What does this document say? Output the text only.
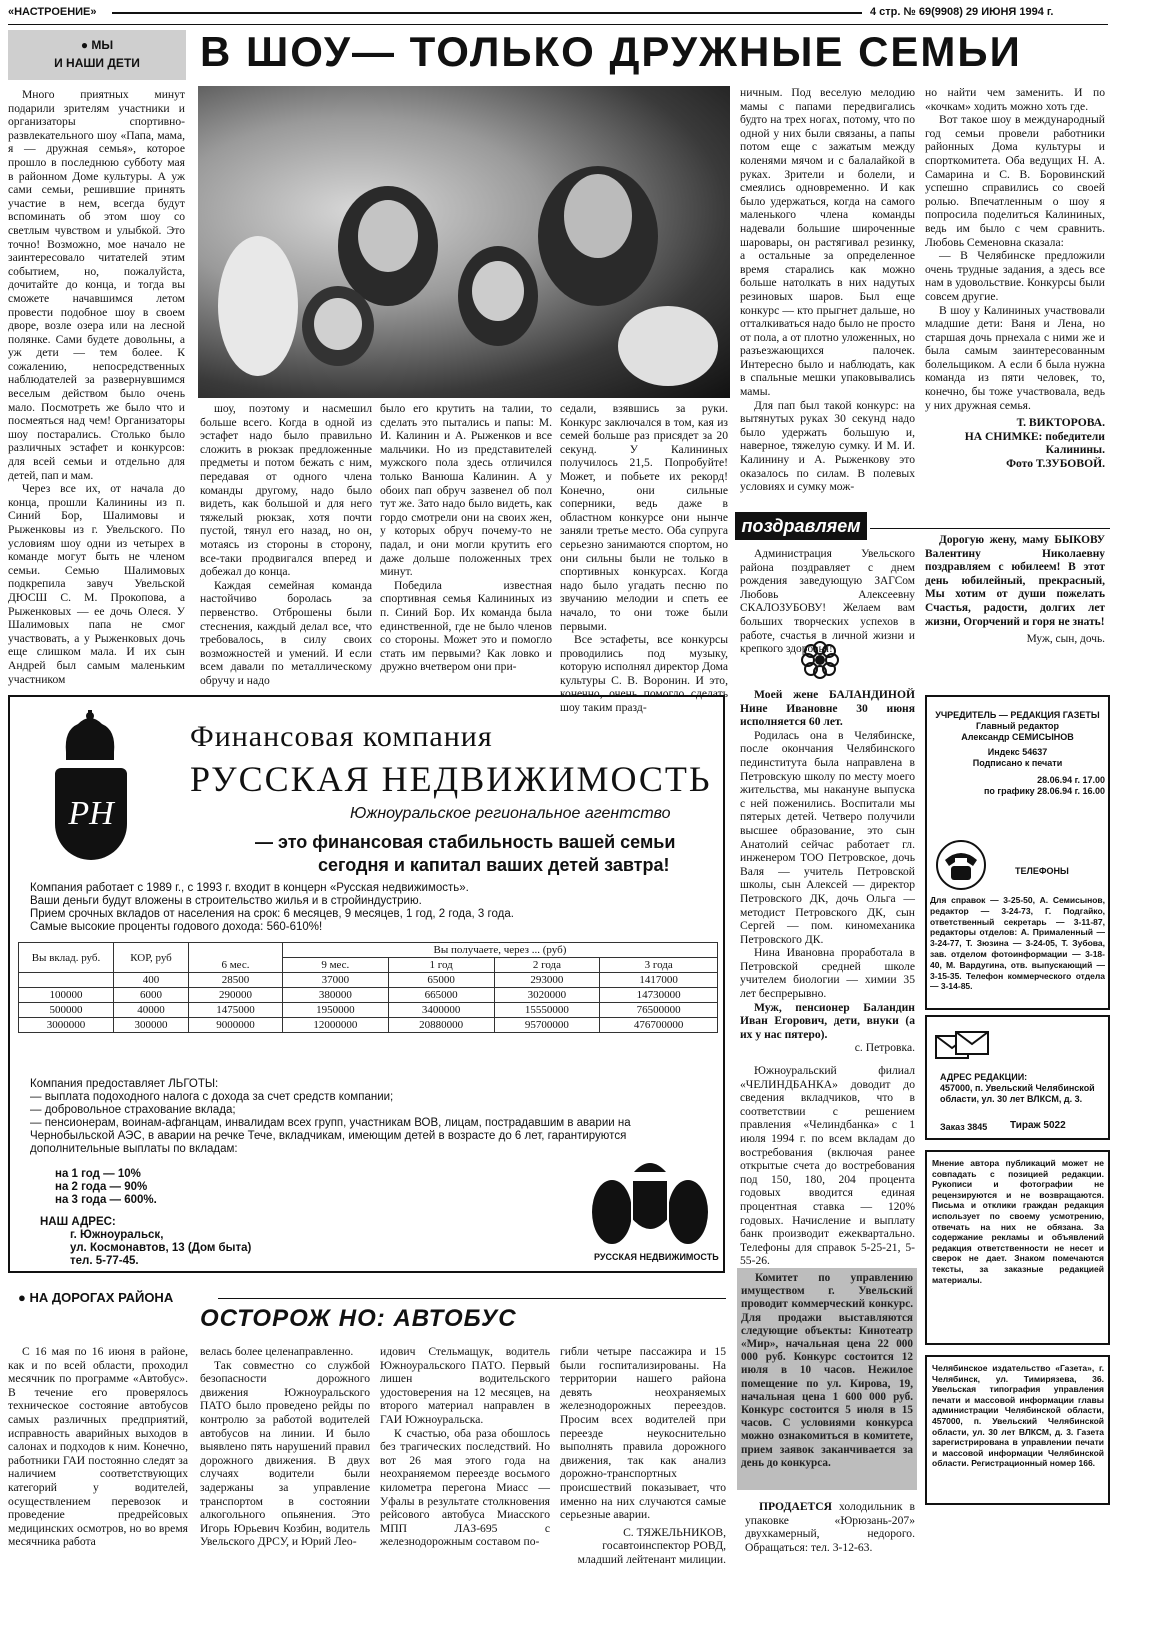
«НАСТРОЕНИЕ»	4 стр. № 69(9908) 29 ИЮНЯ 1994 г.
● МЫ
И НАШИ ДЕТИ	В ШОУ— ТОЛЬКО ДРУЖНЫЕ СЕМЬИ

Много приятных минут подарили зрителям участники и организаторы спортивно-развлекательного шоу «Папа, мама, я — дружная семья», которое прошло в последнюю субботу мая в районном Доме культуры. А уж сами семьи, решившие принять участие в нем, всегда будут вспоминать об этом шоу со светлым чувством и улыбкой. Это точно! Возможно, мое начало не заинтересовало читателей этим событием, но, пожалуйста, дочитайте до конца, и тогда вы сможете начавшимся летом провести подобное шоу в своем дворе, возле озера или на лесной полянке. Сами будете довольны, а уж дети — тем более. К сожалению, непосредственных наблюдателей за развернувшимся веселым действом было очень мало. Посмотреть же было что и посмеяться над чем! Организаторы шоу постарались. Столько было различных эстафет и конкурсов: для всей семьи и отдельно для детей, пап и мам.

Через все их, от начала до конца, прошли Калинины из п. Синий Бор, Шалимовы и Рыженковы из г. Увельского. По условиям шоу одни из четырех в команде могут быть не членом семьи. Семью Шалимовых подкрепила завуч Увельской ДЮСШ С. М. Прокопова, а Рыженковых — ее дочь Олеся. У Шалимовых папа не смог участвовать, а у Рыженковых дочь еще слишком мала. И их сын Андрей был самым маленьким участником

шоу, поэтому и насмешил больше всего. Когда в одной из эстафет надо было правильно сложить в рюкзак предложенные предметы и потом бежать с ним, передавая от одного члена команды другому, надо было видеть, как большой и для него тяжелый рюкзак, хотя почти пустой, тянул его назад, но он, мотаясь из стороны в сторону, все-таки продвигался вперед и добежал до конца.

Каждая семейная команда настойчиво боролась за первенство. Отброшены были стеснения, каждый делал все, что требовалось, в силу своих возможностей и умений. И если всем давали по металлическому обручу и надо

было его крутить на талии, то сделать это пытались и папы: М. И. Калинин и А. Рыженков и все мальчики. Но из представителей мужского пола здесь отличился только Ванюша Калинин. А у обоих пап обруч зазвенел об пол тут же. Зато надо было видеть, как гордо смотрели они на своих жен, у которых обруч почему-то не падал, и они могли крутить его даже дольше положенных трех минут.

Победила известная спортивная семья Калининых из п. Синий Бор. Их команда была единственной, где не было членов со стороны. Может это и помогло стать им первыми? Как ловко и дружно вчетвером они при-

седали, взявшись за руки. Конкурс заключался в том, кая из семей больше раз присядет за 20 секунд. У Калининых получилось 21,5. Попробуйте! Может, и побьете их рекорд! Конечно, они сильные соперники, ведь даже в областном конкурсе они нынче заняли третье место. Оба супруга серьезно занимаются спортом, но они сильны были не только в спортивных конкурсах. Когда надо было угадать песню по звучанию мелодии и спеть ее начало, то они тоже были первыми.

Все эстафеты, все конкурсы проводились под музыку, которую исполнял директор Дома культуры С. В. Воронин. И это, конечно, очень помогло сделать шоу таким празд-

ничным. Под веселую мелодию мамы с папами передвигались будто на трех ногах, потому, что по одной у них были связаны, а папы потом еще с зажатым между коленями мячом и с балалайкой в руках. Зрители и болели, и смеялись одновременно. И как было удержаться, когда на самого маленького члена команды надевали большие широченные шаровары, он растягивал резинку, а остальные за определенное время старались как можно больше натолкать в них надутых резиновых шаров. Был еще конкурс — кто прыгнет дальше, но отталкиваться надо было не просто от пола, а от плотно уложенных, но разъезжающихся палочек. Интересно было и наблюдать, как в спальные мешки упаковывались мамы.

Для пап был такой конкурс: на вытянутых руках 30 секунд надо было удержать большую и, наверное, тяжелую сумку. И М. И. Калинину и А. Рыженкову это оказалось по силам. В полевых условиях и сумку мож-

но найти чем заменить. И по «кочкам» ходить можно хоть где.

Вот такое шоу в международный год семьи провели работники районных Дома культуры и спорткомитета. Оба ведущих Н. А. Самарина и С. В. Боровинский успешно справились со своей ролью. Впечатленным о шоу я попросила поделиться Калининых, ведь им было с чем сравнить. Любовь Семеновна сказала:

— В Челябинске предложили очень трудные задания, а здесь все нам в удовольствие. Конкурсы были совсем другие.

В шоу у Калининых участвовали младшие дети: Ваня и Лена, но старшая дочь прнехала с ними же и была самым заинтересованным болельщиком. А если б была нужна команда из пяти человек, то, конечно, бы тоже участвовала, ведь у них дружная семья.

Т. ВИКТОРОВА.
НА СНИМКЕ: победители Калинины.
Фото Т.ЗУБОВОЙ.
поздравляем

Администрация Увельского района поздравляет с днем рождения заведующую ЗАГСом Любовь Алексеевну СКАЛОЗУБОВУ! Желаем вам больших творческих успехов в работе, счастья в личной жизни и крепкого здоровья!

Дорогую жену, маму БЫКОВУ Валентину Николаевну поздравляем с юбилеем! В этот день юбилейный, прекрасный, Мы хотим от души пожелать Счастья, радости, долгих лет жизни, Огорчений и горя не знать!

Муж, сын, дочь.

Моей жене БАЛАНДИНОЙ Нине Ивановне 30 июня исполняется 60 лет.

Родилась она в Челябинске, после окончания Челябинского пединститута была направлена в Петровскую школу по месту моего жительства, мы накануне выпуска с ней поженились. Воспитали мы пятерых детей. Четверо получили высшее образование, это сын Анатолий сейчас работает гл. инженером ТОО Петровское, дочь Валя — учитель Петровской школы, сын Алексей — директор Петровского ДК, дочь Ольга — методист Петровского ДК, сын Сергей — пом. киномеханика Петровского ДК.

Нина Ивановна проработала в Петровской средней школе учителем биологии — химии 35 лет беспрерывно.

Муж, пенсионер Баландин Иван Егорович, дети, внуки (а их у нас пятеро).

с. Петровка.
РН
Финансовая компания
РУССКАЯ НЕДВИЖИМОСТЬ
Южноуральское региональное агентство
— это финансовая стабильность вашей семьи
сегодня и капитал ваших детей завтра!
Компания работает с 1989 г., с 1993 г. входит в концерн «Русская недвижимость».
Ваши деньги будут вложены в строительство жилья и в стройиндустрию.
Прием срочных вкладов от населения на срок: 6 месяцев, 9 месяцев, 1 год, 2 года, 3 года.
Самые высокие проценты годового дохода: 560-610%!
Вы вклад. руб.	КОР, руб	6 мес.	Вы получаете, через ... (руб)			
			9 мес.	1 год	2 года	3 года
	400	28500	37000	65000	293000	1417000
100000	6000	290000	380000	665000	3020000	14730000
500000	40000	1475000	1950000	3400000	15550000	76500000
3000000	300000	9000000	12000000	20880000	95700000	476700000
Компания предоставляет ЛЬГОТЫ:
— выплата подоходного налога с дохода за счет средств компании;
— добровольное страхование вклада;
— пенсионерам, воинам-афганцам, инвалидам всех групп, участникам ВОВ, лицам, пострадавшим в аварии на Чернобыльской АЭС, в аварии на речке Тече, вкладчикам, имеющим детей в возрасте до 6 лет, гарантируются дополнительные выплаты по вкладам:
на 1 год — 10%
на 2 года — 90%
на 3 года — 600%.
НАШ АДРЕС:
г. Южноуральск,
ул. Космонавтов, 13 (Дом быта)
тел. 5-77-45.	РУССКАЯ НЕДВИЖИМОСТЬ

Южноуральский филиал «ЧЕЛИНДБАНКА» доводит до сведения вкладчиков, что в соответствии с решением правления «Челиндбанка» с 1 июля 1994 г. по всем вкладам до востребования (включая ранее открытые счета до востребования под 150, 180, 204 процента годовых вводится единая процентная ставка — 120% годовых. Начисление и выплату банк производит ежеквартально. Телефоны для справок 5-25-21, 5-55-26.

Комитет по управлению имуществом г. Увельский проводит коммерческий конкурс. Для продажи выставляются следующие объекты: Кинотеатр «Мир», начальная цена 22 000 000 руб. Конкурс состоится 12 июля в 10 часов. Нежилое помещение по ул. Кирова, 19, начальная цена 1 600 000 руб. Конкурс состоится 5 июля в 15 часов. С условиями конкурса можно ознакомиться в комитете, прием заявок заканчивается за день до конкурса.

ПРОДАЕТСЯ холодильник в упаковке «Юрюзань-207» двухкамерный, недорого. Обращаться: тел. 3-12-63.

УЧРЕДИТЕЛЬ — РЕДАКЦИЯ ГАЗЕТЫ
Главный редактор
Александр СЕМИСЫНОВ
Индекс 54637
Подписано к печати
28.06.94 г. 17.00
по графику 28.06.94 г. 16.00
ТЕЛЕФОНЫ
Для справок — 3-25-50, А. Семисынов, редактор — 3-24-73, Г. Подгайко, ответственный секретарь — 3-11-87, редакторы отделов: А. Прималенный — 3-24-77, Т. Зюзина — 3-24-05, Т. Зубова, зав. отделом фотоинформации — 3-18-40, М. Вардугина, отв. выпускающий — 3-15-35. Телефон коммерческого отдела — 3-14-85.
АДРЕС РЕДАКЦИИ:
457000, п. Увельский Челябинской области, ул. 30 лет ВЛКСМ, д. 3.
Заказ 3845 Тираж 5022
Мнение автора публикаций может не совпадать с позицией редакции. Рукописи и фотографии не рецензируются и не возвращаются. Письма и отклики граждан редакция использует по своему усмотрению, отвечать на них не обязана. За содержание рекламы и объявлений редакция ответственности не несет и сверок не дает. Знаком помечаются тексты, за заказные редакцией материалы.
Челябинское издательство «Газета», г. Челябинск, ул. Тимирязева, 36. Увельская типография управления печати и массовой информации главы администрации Челябинской области, 457000, п. Увельский Челябинской области, ул. 30 лет ВЛКСМ, д. 3. Газета зарегистрирована в управлении печати и массовой информации Челябинской области. Регистрационный номер 166.
● НА ДОРОГАХ РАЙОНА
ОСТОРОЖ НО: АВТОБУС

С 16 мая по 16 июня в районе, как и по всей области, проходил месячник по программе «Автобус». В течение его проверялось техническое состояние автобусов самых различных предприятий, исправность аварийных выходов в салонах и подходов к ним. Конечно, работники ГАИ постоянно следят за наличием соответствующих категорий у водителей, осуществлением перевозок и проведение предрейсовых медицинских осмотров, но во время месячника работа

велась более целенаправленно.

Так совместно со службой безопасности дорожного движения Южноуральского ПАТО было проведено рейды по контролю за работой водителей автобусов на линии. И было выявлено пять нарушений правил дорожного движения. В двух случаях водители были задержаны за управление транспортом в состоянии алкогольного опьянения. Это Игорь Юрьевич Козбин, водитель Увельского ДРСУ, и Юрий Лео-

идович Стельмащук, водитель Южноуральского ПАТО. Первый лишен водительского удостоверения на 12 месяцев, на второго материал направлен в ГАИ Южноуральска.

К счастью, оба раза обошлось без трагических последствий. Но вот 26 мая этого года на неохраняемом переезде восьмого километра перегона Миасс — Уфалы в результате столкновения рейсового автобуса Миасского МПП ЛАЗ-695 с железнодорожным составом по-

гибли четыре пассажира и 15 были госпитализированы. На территории нашего района девять неохраняемых железнодорожных переездов. Просим всех водителей при переезде неукоснительно выполнять правила дорожного движения, так как анализ дорожно-транспортных происшествий показывает, что именно на них случаются самые серьезные аварии.

С. ТЯЖЕЛЬНИКОВ,
госавтоинспектор РОВД, младший лейтенант милиции.
